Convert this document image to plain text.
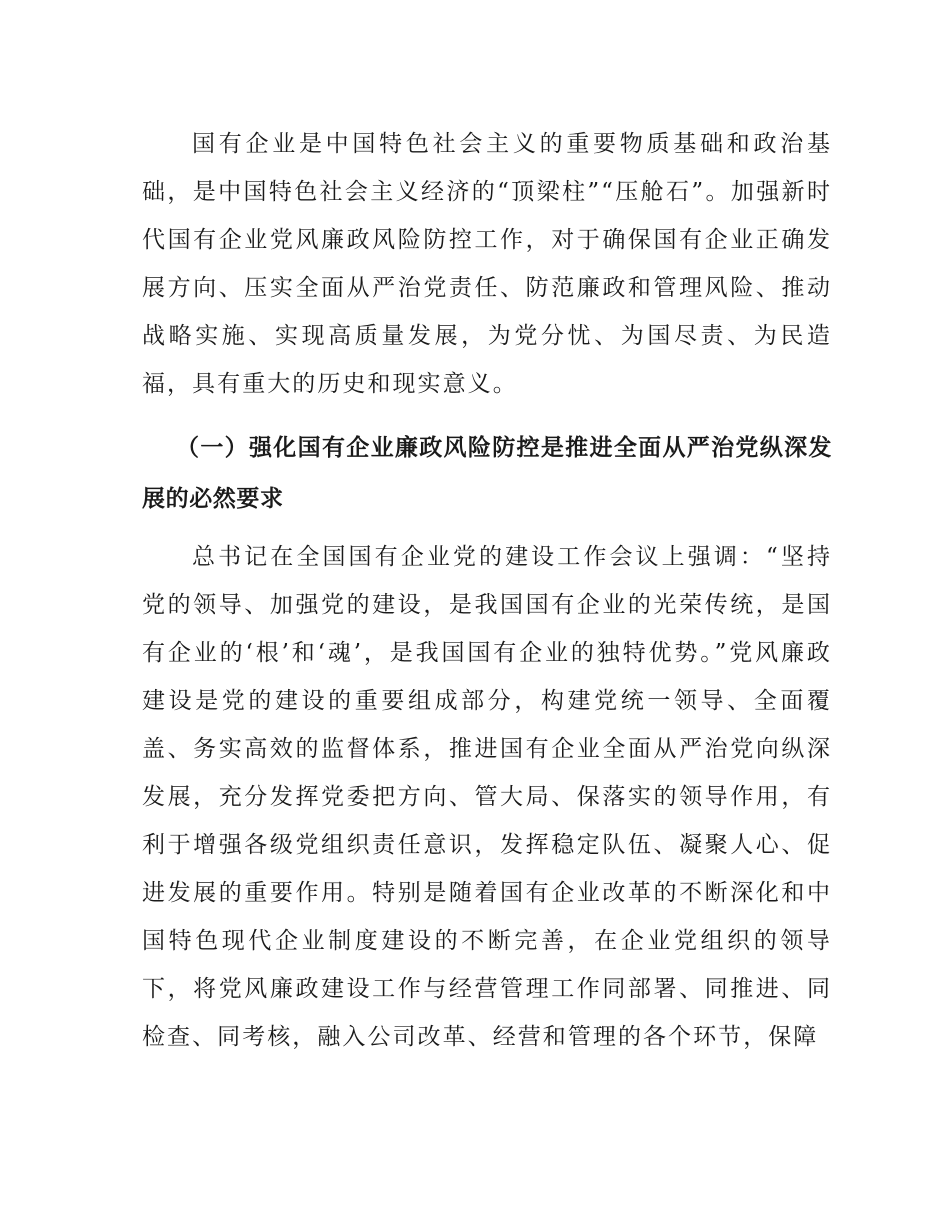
国有企业是中国特色社会主义的重要物质基础和政治基础，是中国特色社会主义经济的“顶梁柱”“压舱石”。加强新时代国有企业党风廉政风险防控工作，对于确保国有企业正确发展方向、压实全面从严治党责任、防范廉政和管理风险、推动战略实施、实现高质量发展，为党分忧、为国尽责、为民造福，具有重大的历史和现实意义。

（一）强化国有企业廉政风险防控是推进全面从严治党纵深发展的必然要求

总书记在全国国有企业党的建设工作会议上强调：“坚持党的领导、加强党的建设，是我国国有企业的光荣传统，是国有企业的‘根’和‘魂’，是我国国有企业的独特优势。”党风廉政建设是党的建设的重要组成部分，构建党统一领导、全面覆盖、务实高效的监督体系，推进国有企业全面从严治党向纵深发展，充分发挥党委把方向、管大局、保落实的领导作用，有利于增强各级党组织责任意识，发挥稳定队伍、凝聚人心、促进发展的重要作用。特别是随着国有企业改革的不断深化和中国特色现代企业制度建设的不断完善，在企业党组织的领导下，将党风廉政建设工作与经营管理工作同部署、同推进、同检查、同考核，融入公司改革、经营和管理的各个环节，保障
